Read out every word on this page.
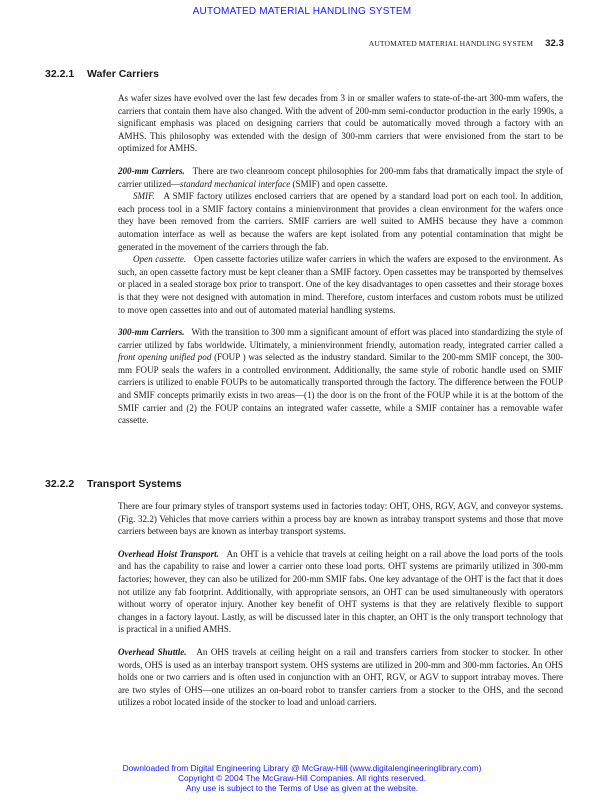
AUTOMATED MATERIAL HANDLING SYSTEM
AUTOMATED MATERIAL HANDLING SYSTEM 32.3
32.2.1 Wafer Carriers

As wafer sizes have evolved over the last few decades from 3 in or smaller wafers to state-of-the-art 300-mm wafers, the carriers that contain them have also changed. With the advent of 200-mm semi-conductor production in the early 1990s, a significant emphasis was placed on designing carriers that could be automatically moved through a factory with an AMHS. This philosophy was extended with the design of 300-mm carriers that were envisioned from the start to be optimized for AMHS.

200-mm Carriers. There are two cleanroom concept philosophies for 200-mm fabs that dramatically impact the style of carrier utilized—standard mechanical interface (SMIF) and open cassette.

SMIF. A SMIF factory utilizes enclosed carriers that are opened by a standard load port on each tool. In addition, each process tool in a SMIF factory contains a minienvironment that provides a clean environment for the wafers once they have been removed from the carriers. SMIF carriers are well suited to AMHS because they have a common automation interface as well as because the wafers are kept isolated from any potential contamination that might be generated in the movement of the carriers through the fab.

Open cassette. Open cassette factories utilize wafer carriers in which the wafers are exposed to the environment. As such, an open cassette factory must be kept cleaner than a SMIF factory. Open cassettes may be transported by themselves or placed in a sealed storage box prior to transport. One of the key disadvantages to open cassettes and their storage boxes is that they were not designed with automation in mind. Therefore, custom interfaces and custom robots must be utilized to move open cassettes into and out of automated material handling systems.

300-mm Carriers. With the transition to 300 mm a significant amount of effort was placed into standardizing the style of carrier utilized by fabs worldwide. Ultimately, a minienvironment friendly, automation ready, integrated carrier called a front opening unified pod (FOUP ) was selected as the industry standard. Similar to the 200-mm SMIF concept, the 300-mm FOUP seals the wafers in a controlled environment. Additionally, the same style of robotic handle used on SMIF carriers is utilized to enable FOUPs to be automatically transported through the factory. The difference between the FOUP and SMIF concepts primarily exists in two areas—(1) the door is on the front of the FOUP while it is at the bottom of the SMIF carrier and (2) the FOUP contains an integrated wafer cassette, while a SMIF container has a removable wafer cassette.

32.2.2 Transport Systems

There are four primary styles of transport systems used in factories today: OHT, OHS, RGV, AGV, and conveyor systems. (Fig. 32.2) Vehicles that move carriers within a process bay are known as intrabay transport systems and those that move carriers between bays are known as interbay transport systems.

Overhead Hoist Transport. An OHT is a vehicle that travels at ceiling height on a rail above the load ports of the tools and has the capability to raise and lower a carrier onto these load ports. OHT systems are primarily utilized in 300-mm factories; however, they can also be utilized for 200-mm SMIF fabs. One key advantage of the OHT is the fact that it does not utilize any fab footprint. Additionally, with appropriate sensors, an OHT can be used simultaneously with operators without worry of operator injury. Another key benefit of OHT systems is that they are relatively flexible to support changes in a factory layout. Lastly, as will be discussed later in this chapter, an OHT is the only transport technology that is practical in a unified AMHS.

Overhead Shuttle. An OHS travels at ceiling height on a rail and transfers carriers from stocker to stocker. In other words, OHS is used as an interbay transport system. OHS systems are utilized in 200-mm and 300-mm factories. An OHS holds one or two carriers and is often used in conjunction with an OHT, RGV, or AGV to support intrabay moves. There are two styles of OHS—one utilizes an on-board robot to transfer carriers from a stocker to the OHS, and the second utilizes a robot located inside of the stocker to load and unload carriers.

Downloaded from Digital Engineering Library @ McGraw-Hill (www.digitalengineeringlibrary.com)
Copyright © 2004 The McGraw-Hill Companies. All rights reserved.
Any use is subject to the Terms of Use as given at the website.
